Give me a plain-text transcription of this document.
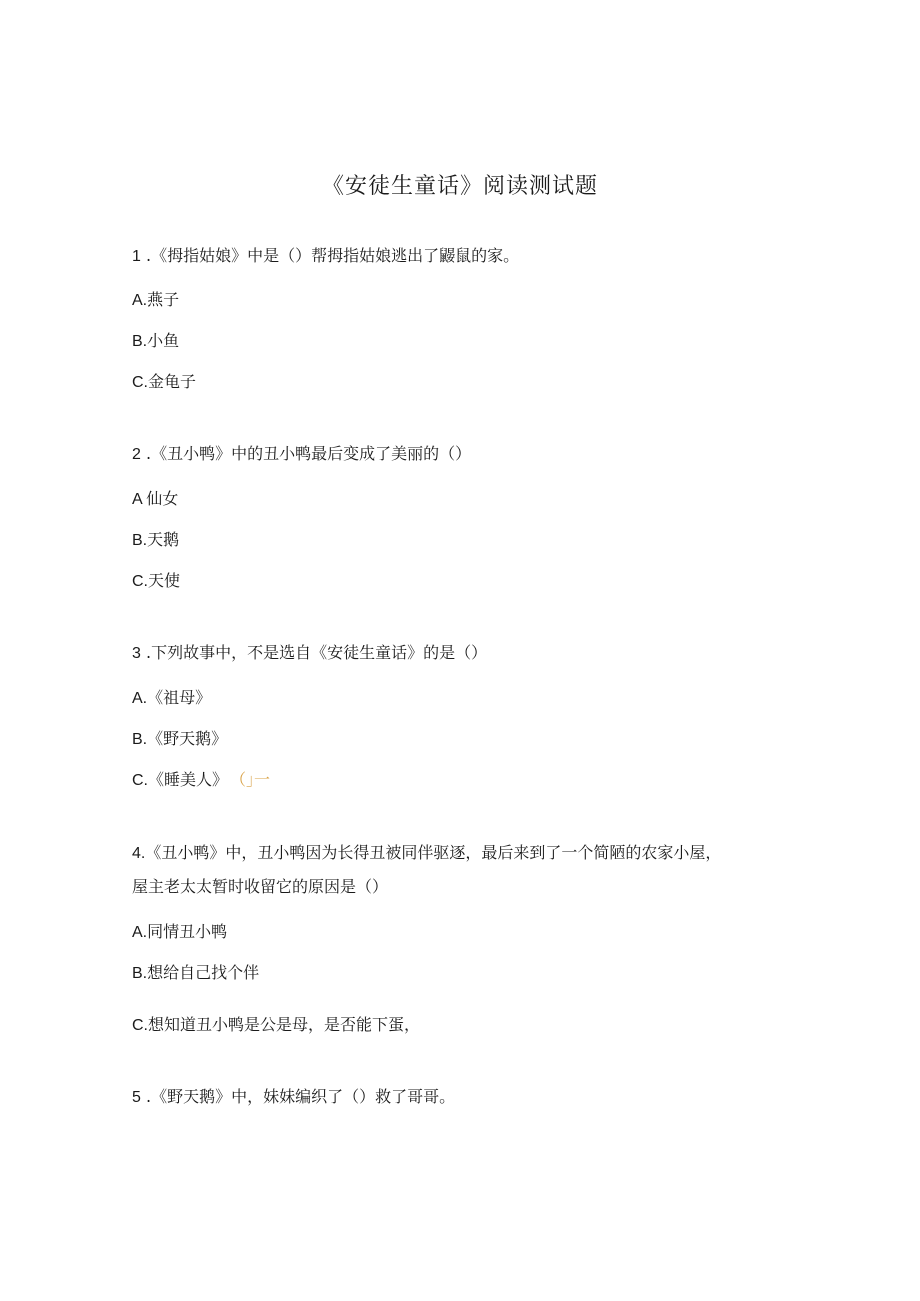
《安徒生童话》阅读测试题
1 .《拇指姑娘》中是（）帮拇指姑娘逃出了鼹鼠的家。
A.燕子
B.小鱼
C.金龟子
2 .《丑小鸭》中的丑小鸭最后变成了美丽的（）
A 仙女
B.天鹅
C.天使
3 .下列故事中，不是选自《安徒生童话》的是（）
A.《祖母》
B.《野天鹅》
C.《睡美人》 （｣一
4.《丑小鸭》中，丑小鸭因为长得丑被同伴驱逐，最后来到了一个简陋的农家小屋，
屋主老太太暂时收留它的原因是（）
A.同情丑小鸭
B.想给自己找个伴
C.想知道丑小鸭是公是母，是否能下蛋，
5 .《野天鹅》中，妹妹编织了（）救了哥哥。
